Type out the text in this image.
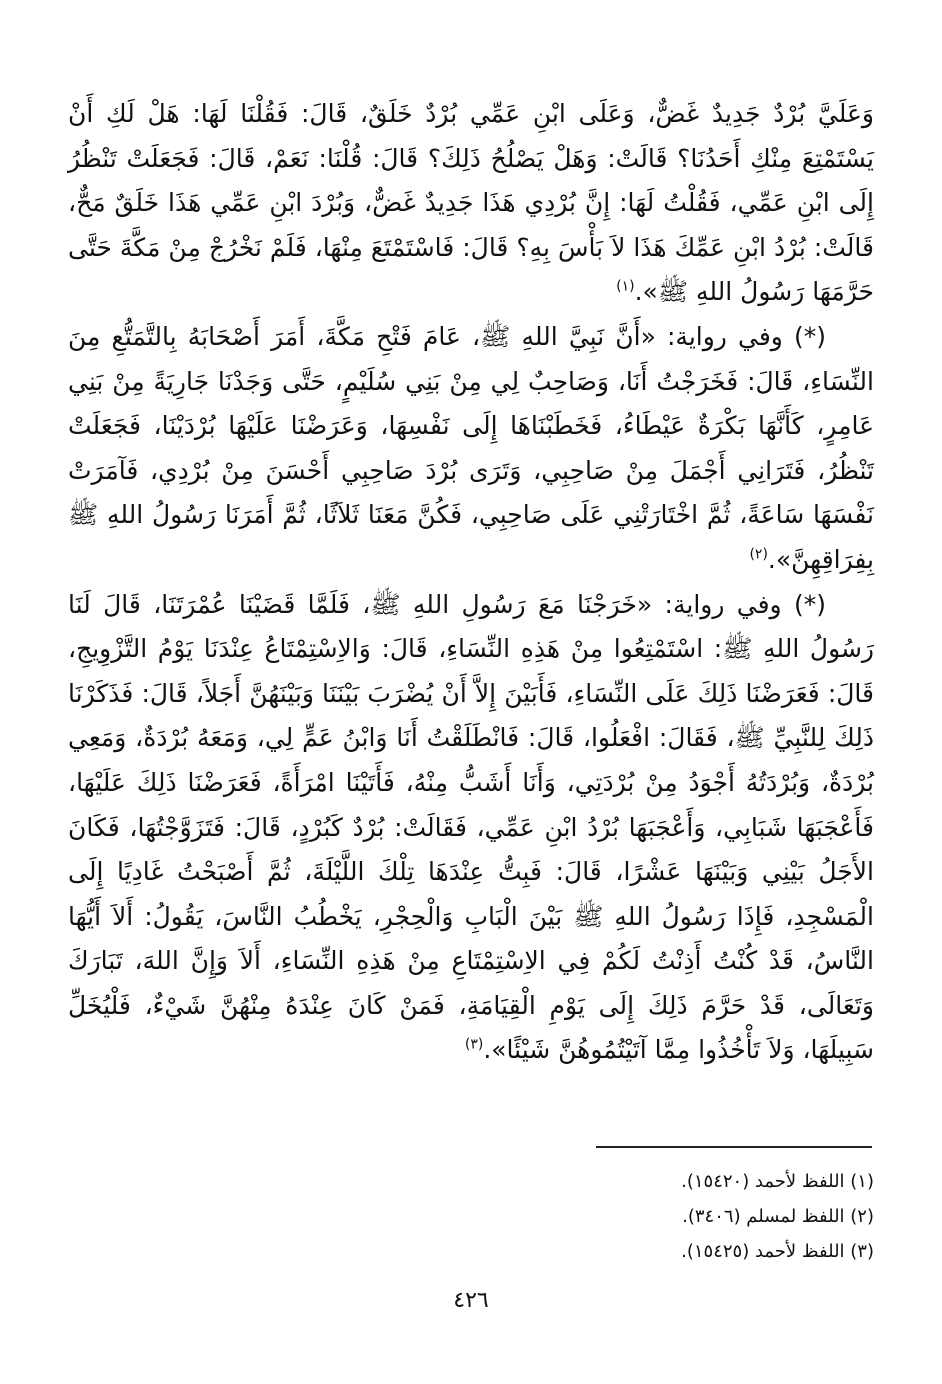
وَعَلَيَّ بُرْدٌ جَدِيدٌ غَضٌّ، وَعَلَى ابْنِ عَمِّي بُرْدٌ خَلَقٌ، قَالَ: فَقُلْنَا لَهَا: هَلْ لَكِ أَنْ يَسْتَمْتِعَ مِنْكِ أَحَدُنَا؟ قَالَتْ: وَهَلْ يَصْلُحُ ذَلِكَ؟ قَالَ: قُلْنَا: نَعَمْ، قَالَ: فَجَعَلَتْ تَنْظُرُ إِلَى ابْنِ عَمِّي، فَقُلْتُ لَهَا: إِنَّ بُرْدِي هَذَا جَدِيدٌ غَضٌّ، وَبُرْدَ ابْنِ عَمِّي هَذَا خَلَقٌ مَحٌّ، قَالَتْ: بُرْدُ ابْنِ عَمِّكَ هَذَا لاَ بَأْسَ بِهِ؟ قَالَ: فَاسْتَمْتَعَ مِنْهَا، فَلَمْ نَخْرُجْ مِنْ مَكَّةَ حَتَّى حَرَّمَهَا رَسُولُ اللهِ ﷺ».$^{(١)}$

(*) وفي رواية: «أَنَّ نَبِيَّ اللهِ ﷺ، عَامَ فَتْحِ مَكَّةَ، أَمَرَ أَصْحَابَهُ بِالتَّمَتُّعِ مِنَ النِّسَاءِ، قَالَ: فَخَرَجْتُ أَنَا، وَصَاحِبٌ لِي مِنْ بَنِي سُلَيْمٍ، حَتَّى وَجَدْنَا جَارِيَةً مِنْ بَنِي عَامِرٍ، كَأَنَّهَا بَكْرَةٌ عَيْطَاءُ، فَخَطَبْنَاهَا إِلَى نَفْسِهَا، وَعَرَضْنَا عَلَيْهَا بُرْدَيْنَا، فَجَعَلَتْ تَنْظُرُ، فَتَرَانِي أَجْمَلَ مِنْ صَاحِبِي، وَتَرَى بُرْدَ صَاحِبِي أَحْسَنَ مِنْ بُرْدِي، فَآمَرَتْ نَفْسَهَا سَاعَةً، ثُمَّ اخْتَارَتْنِي عَلَى صَاحِبِي، فَكُنَّ مَعَنَا ثَلاَثًا، ثُمَّ أَمَرَنَا رَسُولُ اللهِ ﷺ بِفِرَاقِهِنَّ».$^{(٢)}$

(*) وفي رواية: «خَرَجْنَا مَعَ رَسُولِ اللهِ ﷺ، فَلَمَّا قَضَيْنَا عُمْرَتَنَا، قَالَ لَنَا رَسُولُ اللهِ ﷺ: اسْتَمْتِعُوا مِنْ هَذِهِ النِّسَاءِ، قَالَ: وَالاِسْتِمْتَاعُ عِنْدَنَا يَوْمُ التَّزْوِيجِ، قَالَ: فَعَرَضْنَا ذَلِكَ عَلَى النِّسَاءِ، فَأَبَيْنَ إِلاَّ أَنْ يُضْرَبَ بَيْنَنَا وَبَيْنَهُنَّ أَجَلاً، قَالَ: فَذَكَرْنَا ذَلِكَ لِلنَّبِيِّ ﷺ، فَقَالَ: افْعَلُوا، قَالَ: فَانْطَلَقْتُ أَنَا وَابْنُ عَمٍّ لِي، وَمَعَهُ بُرْدَةٌ، وَمَعِي بُرْدَةٌ، وَبُرْدَتُهُ أَجْوَدُ مِنْ بُرْدَتِي، وَأَنَا أَشَبُّ مِنْهُ، فَأَتَيْنَا امْرَأَةً، فَعَرَضْنَا ذَلِكَ عَلَيْهَا، فَأَعْجَبَهَا شَبَابِي، وَأَعْجَبَهَا بُرْدُ ابْنِ عَمِّي، فَقَالَتْ: بُرْدٌ كَبُرْدٍ، قَالَ: فَتَزَوَّجْتُهَا، فَكَانَ الأَجَلُ بَيْنِي وَبَيْنَهَا عَشْرًا، قَالَ: فَبِتُّ عِنْدَهَا تِلْكَ اللَّيْلَةَ، ثُمَّ أَصْبَحْتُ غَادِيًا إِلَى الْمَسْجِدِ، فَإِذَا رَسُولُ اللهِ ﷺ بَيْنَ الْبَابِ وَالْحِجْرِ، يَخْطُبُ النَّاسَ، يَقُولُ: أَلاَ أَيُّهَا النَّاسُ، قَدْ كُنْتُ أَذِنْتُ لَكُمْ فِي الاِسْتِمْتَاعِ مِنْ هَذِهِ النِّسَاءِ، أَلاَ وَإِنَّ اللهَ، تَبَارَكَ وَتَعَالَى، قَدْ حَرَّمَ ذَلِكَ إِلَى يَوْمِ الْقِيَامَةِ، فَمَنْ كَانَ عِنْدَهُ مِنْهُنَّ شَيْءٌ، فَلْيُخَلِّ سَبِيلَهَا، وَلاَ تَأْخُذُوا مِمَّا آتَيْتُمُوهُنَّ شَيْئًا».$^{(٣)}$

(١) اللفظ لأحمد (١٥٤٢٠).
(٢) اللفظ لمسلم (٣٤٠٦).
(٣) اللفظ لأحمد (١٥٤٢٥).
٤٢٦
